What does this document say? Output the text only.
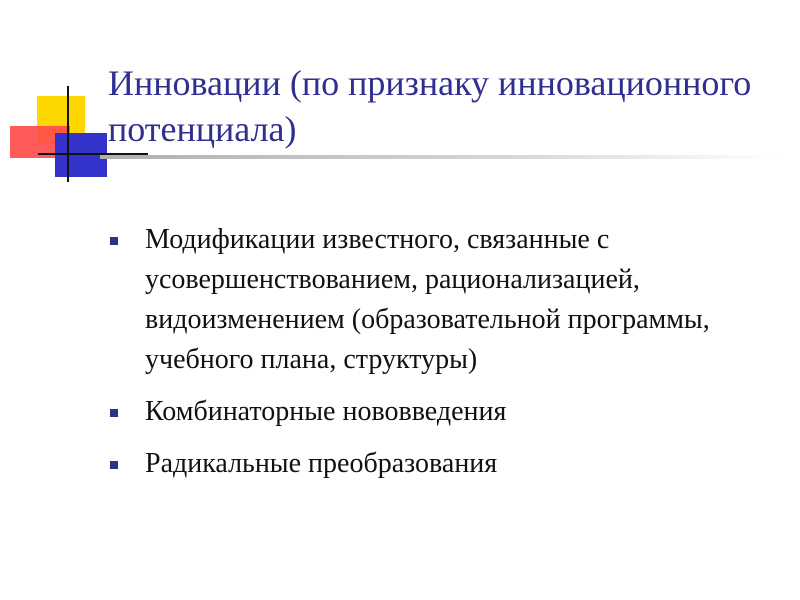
Инновации (по признаку инновационного потенциала)
Модификации известного, связанные с усовершенствованием, рационализацией, видоизменением (образовательной программы, учебного плана, структуры)
Комбинаторные нововведения
Радикальные преобразования
